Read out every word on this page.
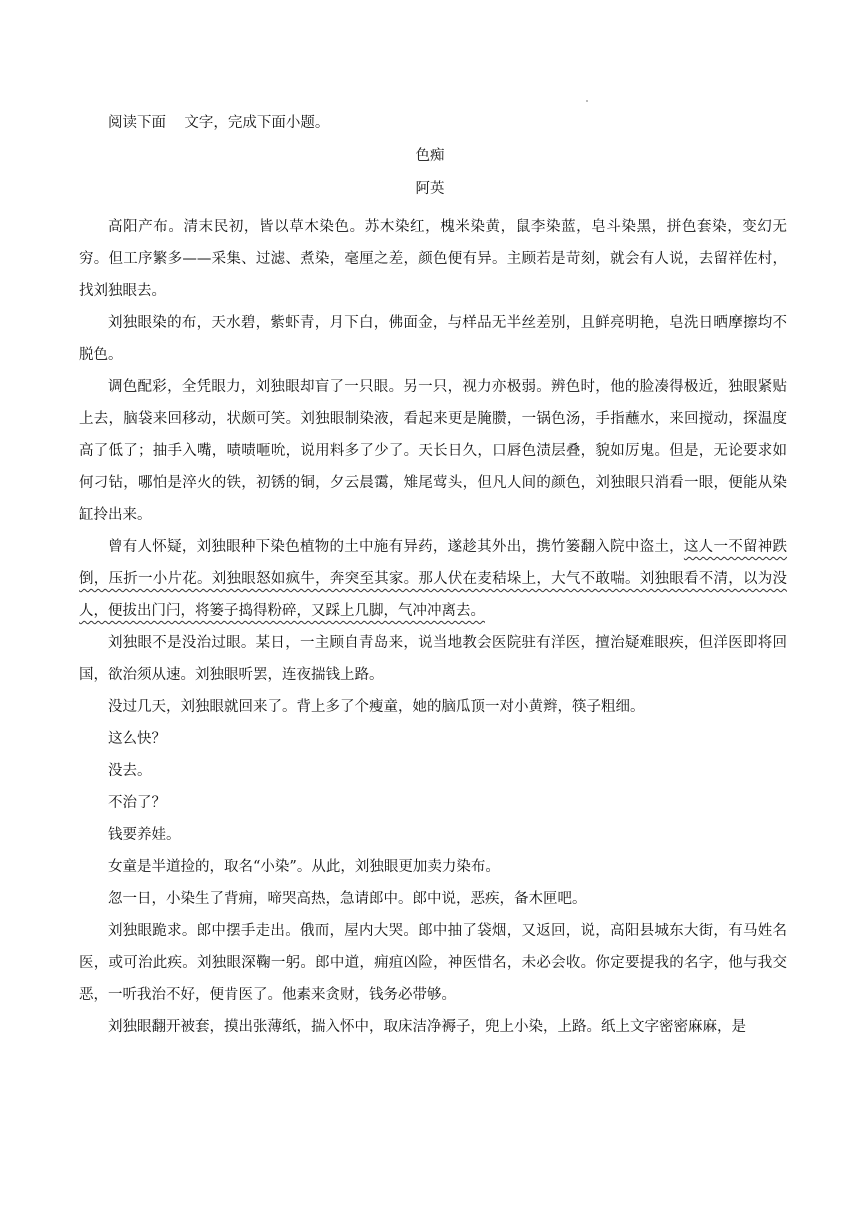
阅读下面    文字，完成下面小题。
色痴
阿英

高阳产布。清末民初，皆以草木染色。苏木染红，槐米染黄，鼠李染蓝，皂斗染黑，拼色套染，变幻无穷。但工序繁多——采集、过滤、煮染，毫厘之差，颜色便有异。主顾若是苛刻，就会有人说，去留祥佐村，找刘独眼去。

刘独眼染的布，天水碧，紫虾青，月下白，佛面金，与样品无半丝差别，且鲜亮明艳，皂洗日晒摩擦均不脱色。

调色配彩，全凭眼力，刘独眼却盲了一只眼。另一只，视力亦极弱。辨色时，他的脸凑得极近，独眼紧贴上去，脑袋来回移动，状颇可笑。刘独眼制染液，看起来更是腌臜，一锅色汤，手指蘸水，来回搅动，探温度高了低了；抽手入嘴，啧啧咂吮，说用料多了少了。天长日久，口唇色渍层叠，貌如厉鬼。但是，无论要求如何刁钻，哪怕是淬火的铁，初锈的铜，夕云晨霭，雉尾莺头，但凡人间的颜色，刘独眼只消看一眼，便能从染缸拎出来。

曾有人怀疑，刘独眼种下染色植物的土中施有异药，遂趁其外出，携竹篓翻入院中盗土，这人一不留神跌倒，压折一小片花。刘独眼怒如疯牛，奔突至其家。那人伏在麦秸垛上，大气不敢喘。刘独眼看不清，以为没人，便拔出门闩，将篓子捣得粉碎，又踩上几脚，气冲冲离去。

刘独眼不是没治过眼。某日，一主顾自青岛来，说当地教会医院驻有洋医，擅治疑难眼疾，但洋医即将回国，欲治须从速。刘独眼听罢，连夜揣钱上路。

没过几天，刘独眼就回来了。背上多了个瘦童，她的脑瓜顶一对小黄辫，筷子粗细。

这么快？

没去。

不治了？

钱要养娃。

女童是半道捡的，取名“小染”。从此，刘独眼更加卖力染布。

忽一日，小染生了背痈，啼哭高热，急请郎中。郎中说，恶疾，备木匣吧。

刘独眼跪求。郎中摆手走出。俄而，屋内大哭。郎中抽了袋烟，又返回，说，高阳县城东大街，有马姓名医，或可治此疾。刘独眼深鞠一躬。郎中道，痈疽凶险，神医惜名，未必会收。你定要提我的名字，他与我交恶，一听我治不好，便肯医了。他素来贪财，钱务必带够。

刘独眼翻开被套，摸出张薄纸，揣入怀中，取床洁净褥子，兜上小染，上路。纸上文字密密麻麻，是
